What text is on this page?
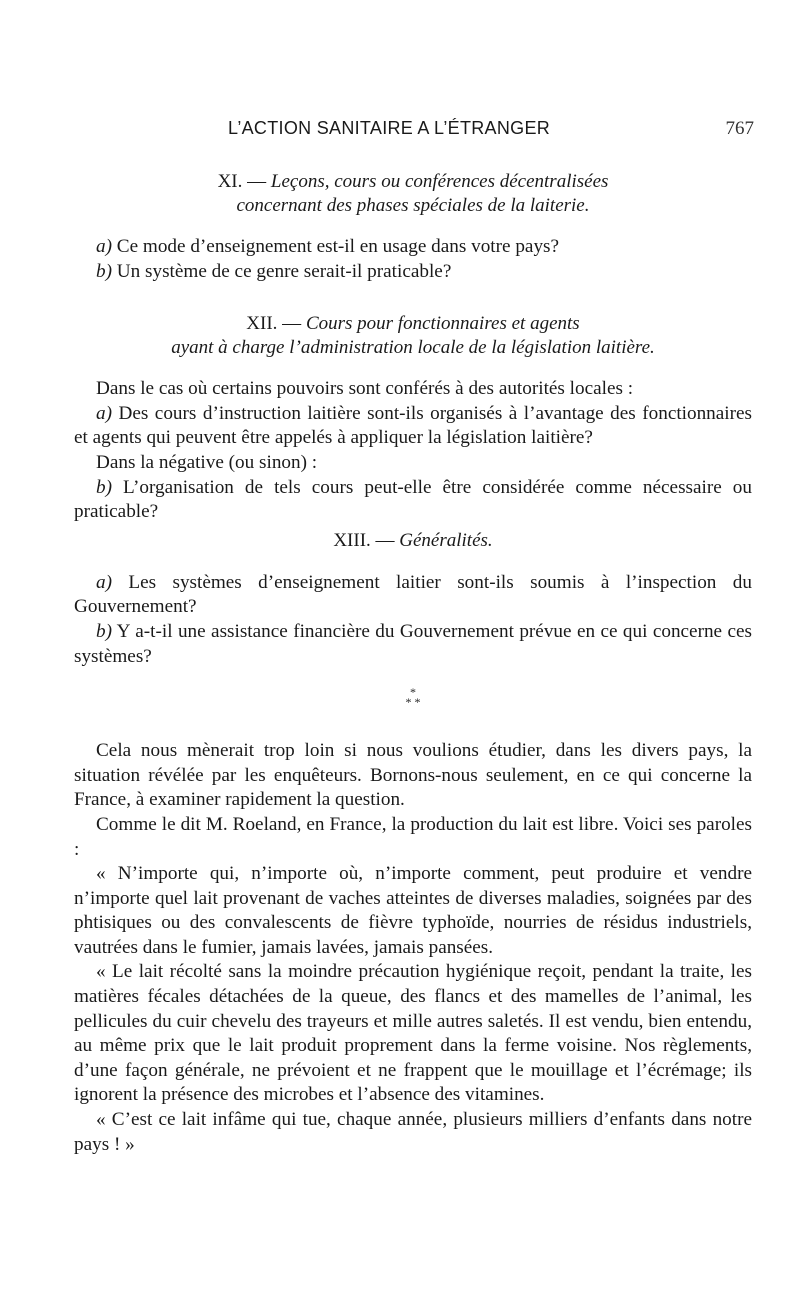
L’ACTION SANITAIRE A L’ÉTRANGER	767
XI. — Leçons, cours ou conférences décentralisées
concernant des phases spéciales de la laiterie.

a) Ce mode d’enseignement est-il en usage dans votre pays?

b) Un système de ce genre serait-il praticable?

XII. — Cours pour fonctionnaires et agents
ayant à charge l’administration locale de la législation laitière.

Dans le cas où certains pouvoirs sont conférés à des autorités locales :

a) Des cours d’instruction laitière sont-ils organisés à l’avantage des fonctionnaires et agents qui peuvent être appelés à appliquer la législation laitière?

Dans la négative (ou sinon) :

b) L’organisation de tels cours peut-elle être considérée comme nécessaire ou praticable?

XIII. — Généralités.

a) Les systèmes d’enseignement laitier sont-ils soumis à l’inspection du Gouvernement?

b) Y a-t-il une assistance financière du Gouvernement prévue en ce qui concerne ces systèmes?

*
* *

Cela nous mènerait trop loin si nous voulions étudier, dans les divers pays, la situation révélée par les enquêteurs. Bornons-nous seulement, en ce qui concerne la France, à examiner rapidement la question.

Comme le dit M. Roeland, en France, la production du lait est libre. Voici ses paroles :

« N’importe qui, n’importe où, n’importe comment, peut produire et vendre n’importe quel lait provenant de vaches atteintes de diverses maladies, soignées par des phtisiques ou des convalescents de fièvre typhoïde, nourries de résidus industriels, vautrées dans le fumier, jamais lavées, jamais pansées.

« Le lait récolté sans la moindre précaution hygiénique reçoit, pendant la traite, les matières fécales détachées de la queue, des flancs et des mamelles de l’animal, les pellicules du cuir chevelu des trayeurs et mille autres saletés. Il est vendu, bien entendu, au même prix que le lait produit proprement dans la ferme voisine. Nos règlements, d’une façon générale, ne prévoient et ne frappent que le mouillage et l’écrémage; ils ignorent la présence des microbes et l’absence des vitamines.

« C’est ce lait infâme qui tue, chaque année, plusieurs milliers d’enfants dans notre pays ! »
